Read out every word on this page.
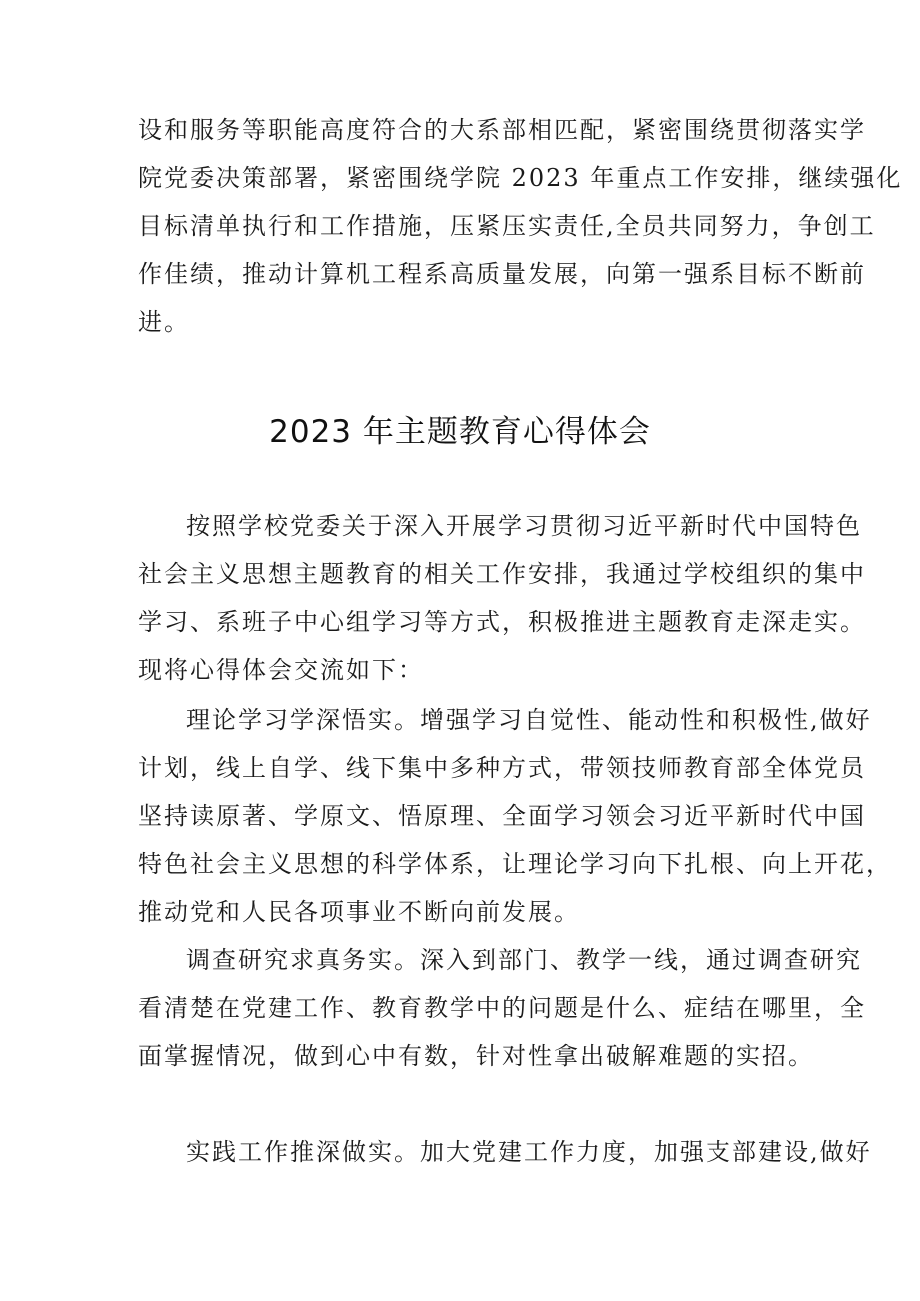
设和服务等职能高度符合的大系部相匹配，紧密围绕贯彻落实学
院党委决策部署，紧密围绕学院 2023 年重点工作安排，继续强化
目标清单执行和工作措施，压紧压实责任,全员共同努力，争创工
作佳绩，推动计算机工程系高质量发展，向第一强系目标不断前
进。
2023 年主题教育心得体会
按照学校党委关于深入开展学习贯彻习近平新时代中国特色
社会主义思想主题教育的相关工作安排，我通过学校组织的集中
学习、系班子中心组学习等方式，积极推进主题教育走深走实。
现将心得体会交流如下：
理论学习学深悟实。增强学习自觉性、能动性和积极性,做好
计划，线上自学、线下集中多种方式，带领技师教育部全体党员
坚持读原著、学原文、悟原理、全面学习领会习近平新时代中国
特色社会主义思想的科学体系，让理论学习向下扎根、向上开花，
推动党和人民各项事业不断向前发展。
调查研究求真务实。深入到部门、教学一线，通过调查研究
看清楚在党建工作、教育教学中的问题是什么、症结在哪里，全
面掌握情况，做到心中有数，针对性拿出破解难题的实招。
实践工作推深做实。加大党建工作力度，加强支部建设,做好
